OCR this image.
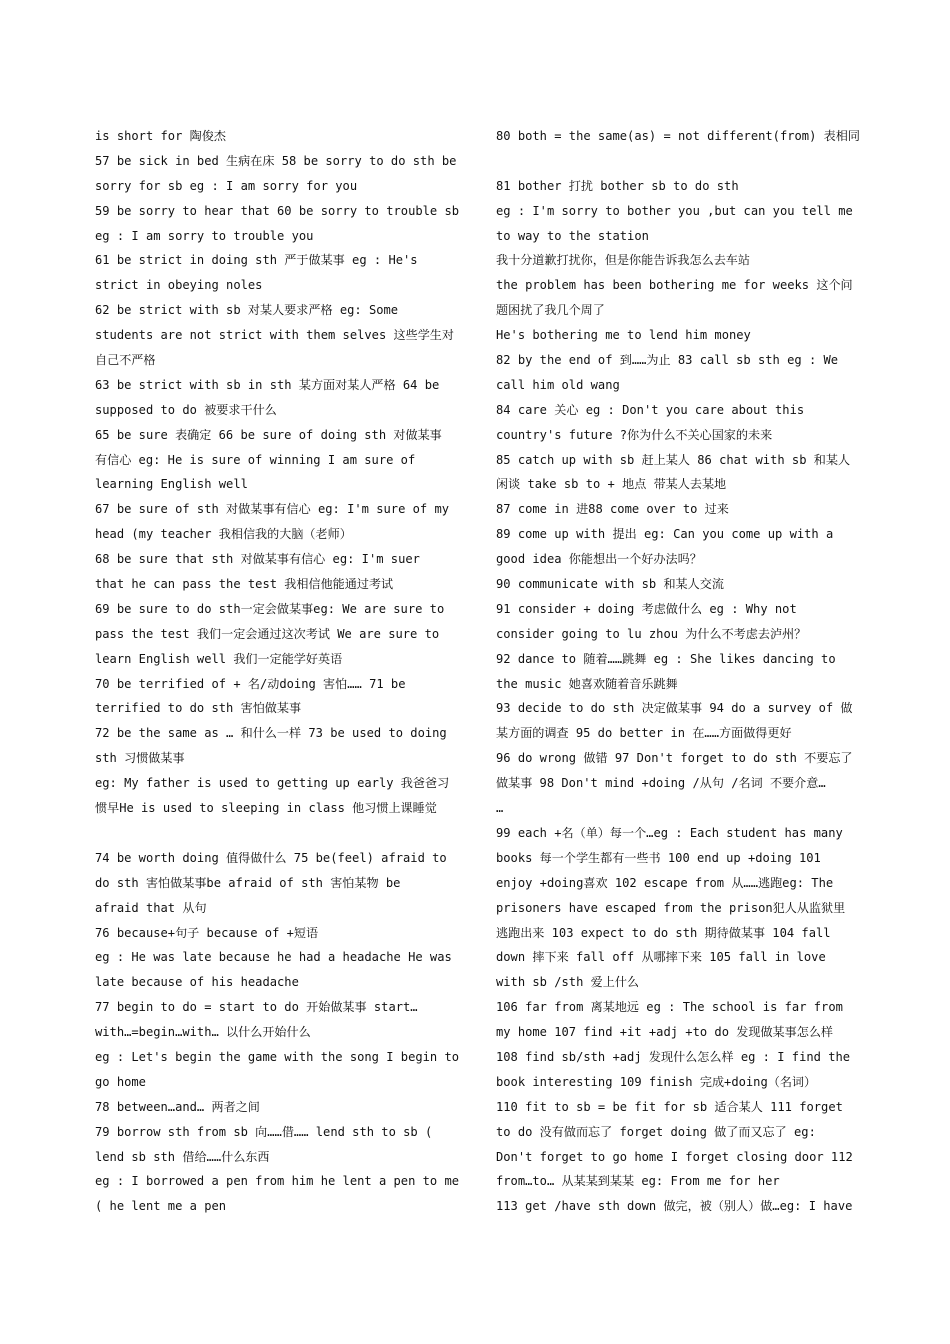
is short for 陶俊杰
57 be sick in bed 生病在床 58 be sorry to do sth be
sorry for sb eg : I am sorry for you
59 be sorry to hear that 60 be sorry to trouble sb
eg : I am sorry to trouble you
61 be strict in doing sth 严于做某事 eg : He's
strict in obeying noles
62 be strict with sb 对某人要求严格 eg: Some
students are not strict with them selves 这些学生对
自己不严格
63 be strict with sb in sth 某方面对某人严格 64 be
supposed to do 被要求干什么
65 be sure 表确定 66 be sure of doing sth 对做某事
有信心 eg: He is sure of winning I am sure of
learning English well
67 be sure of sth 对做某事有信心 eg: I'm sure of my
head (my teacher 我相信我的大脑（老师）
68 be sure that sth 对做某事有信心 eg: I'm suer
that he can pass the test 我相信他能通过考试
69 be sure to do sth一定会做某事eg: We are sure to
pass the test 我们一定会通过这次考试 We are sure to
learn English well 我们一定能学好英语
70 be terrified of + 名/动doing 害怕…… 71 be
terrified to do sth 害怕做某事
72 be the same as … 和什么一样 73 be used to doing
sth 习惯做某事
eg: My father is used to getting up early 我爸爸习
惯早He is used to sleeping in class 他习惯上课睡觉
74 be worth doing 值得做什么 75 be(feel) afraid to
do sth 害怕做某事be afraid of sth 害怕某物 be
afraid that 从句
76 because+句子 because of +短语
eg : He was late because he had a headache He was
late because of his headache
77 begin to do = start to do 开始做某事 start…
with…=begin…with… 以什么开始什么
eg : Let's begin the game with the song I begin to
go home
78 between…and… 两者之间
79 borrow sth from sb 向……借…… lend sth to sb (
lend sb sth 借给……什么东西
eg : I borrowed a pen from him he lent a pen to me
( he lent me a pen
80 both = the same(as) = not different(from) 表相同
81 bother 打扰 bother sb to do sth
eg : I'm sorry to bother you ,but can you tell me
to way to the station
我十分道歉打扰你，但是你能告诉我怎么去车站
the problem has been bothering me for weeks 这个问
题困扰了我几个周了
He's bothering me to lend him money
82 by the end of 到……为止 83 call sb sth eg : We
call him old wang
84 care 关心 eg : Don't you care about this
country's future ?你为什么不关心国家的未来
85 catch up with sb 赶上某人 86 chat with sb 和某人
闲谈 take sb to + 地点 带某人去某地
87 come in 进88 come over to 过来
89 come up with 提出 eg: Can you come up with a
good idea 你能想出一个好办法吗？
90 communicate with sb 和某人交流
91 consider + doing 考虑做什么 eg : Why not
consider going to lu zhou 为什么不考虑去泸州？
92 dance to 随着……跳舞 eg : She likes dancing to
the music 她喜欢随着音乐跳舞
93 decide to do sth 决定做某事 94 do a survey of 做
某方面的调查 95 do better in 在……方面做得更好
96 do wrong 做错 97 Don't forget to do sth 不要忘了
做某事 98 Don't mind +doing /从句 /名词 不要介意…
…
99 each +名（单）每一个…eg : Each student has many
books 每一个学生都有一些书 100 end up +doing 101
enjoy +doing喜欢 102 escape from 从……逃跑eg: The
prisoners have escaped from the prison犯人从监狱里
逃跑出来 103 expect to do sth 期待做某事 104 fall
down 摔下来 fall off 从哪摔下来 105 fall in love
with sb /sth 爱上什么
106 far from 离某地远 eg : The school is far from
my home 107 find +it +adj +to do 发现做某事怎么样
108 find sb/sth +adj 发现什么怎么样 eg : I find the
book interesting 109 finish 完成+doing（名词）
110 fit to sb = be fit for sb 适合某人 111 forget
to do 没有做而忘了 forget doing 做了而又忘了 eg:
Don't forget to go home I forget closing door 112
from…to… 从某某到某某 eg: From me for her
113 get /have sth down 做完，被（别人）做…eg: I have
